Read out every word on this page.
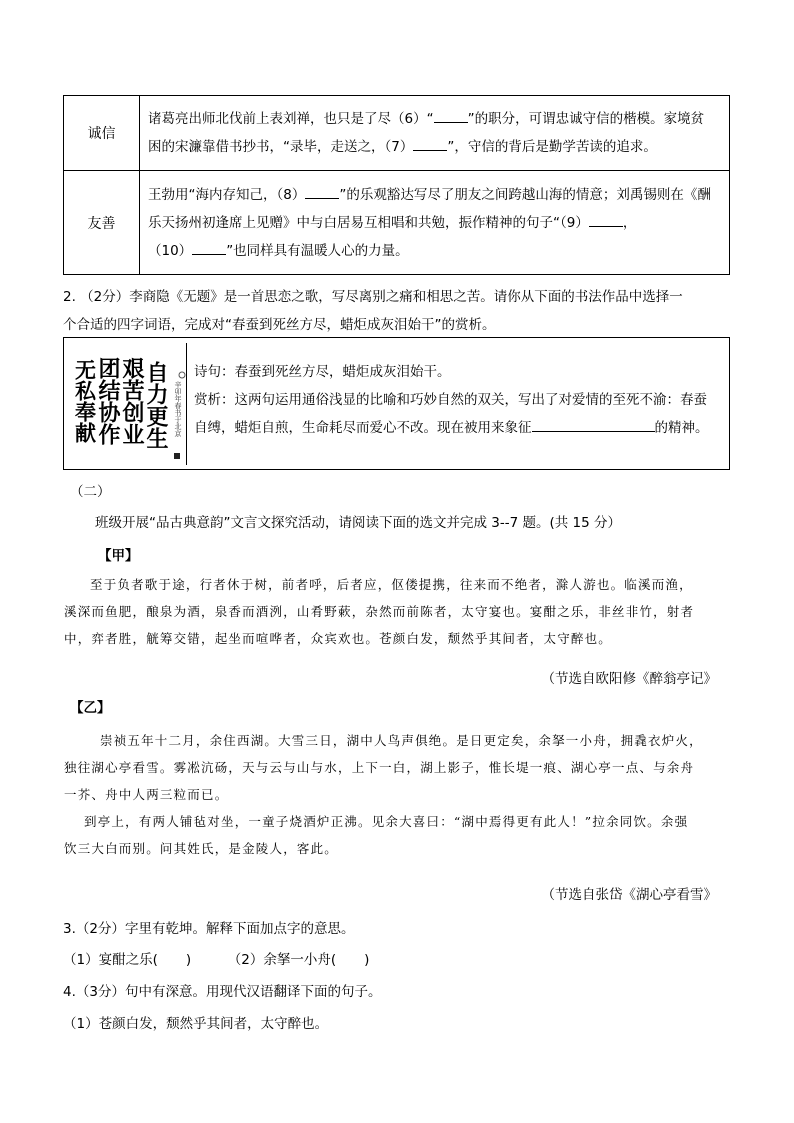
诚信	诸葛亮出师北伐前上表刘禅，也只是了尽（6）“ ”的职分，可谓忠诚守信的楷模。家境贫
困的宋濂靠借书抄书，“录毕，走送之，（7） ”，守信的背后是勤学苦读的追求。
友善	王勃用“海内存知己，（8） ”的乐观豁达写尽了朋友之间跨越山海的情意；刘禹锡则在《酬
乐天扬州初逢席上见赠》中与白居易互相唱和共勉，振作精神的句子“（9） ，
（10） ”也同样具有温暖人心的力量。
2. （2分）李商隐《无题》是一首思恋之歌，写尽离别之痛和相思之苦。请你从下面的书法作品中选择一
个合适的四字词语，完成对“春蚕到死丝方尽，蜡炬成灰泪始干”的赏析。
自力更生
艰苦创业
团结协作
无私奉献	辛卯年春书于北京
诗句：春蚕到死丝方尽，蜡炬成灰泪始干。
赏析：这两句运用通俗浅显的比喻和巧妙自然的双关，写出了对爱情的至死不渝：春蚕
自缚，蜡炬自煎，生命耗尽而爱心不改。现在被用来象征	的精神。
（二）
班级开展“品古典意韵”文言文探究活动，请阅读下面的选文并完成 3--7 题。(共 15 分）
【甲】
至于负者歌于途，行者休于树，前者呼，后者应，伛偻提携，往来而不绝者，滁人游也。临溪而渔，
溪深而鱼肥，酿泉为酒，泉香而酒洌，山肴野蔌，杂然而前陈者，太守宴也。宴酣之乐，非丝非竹，射者
中，弈者胜，觥筹交错，起坐而喧哗者，众宾欢也。苍颜白发，颓然乎其间者，太守醉也。
（节选自欧阳修《醉翁亭记》
【乙】
崇祯五年十二月，余住西湖。大雪三日，湖中人鸟声俱绝。是日更定矣，余拏一小舟，拥毳衣炉火，
独往湖心亭看雪。雾凇沆砀，天与云与山与水，上下一白，湖上影子，惟长堤一痕、湖心亭一点、与余舟
一芥、舟中人两三粒而已。
到亭上，有两人铺毡对坐，一童子烧酒炉正沸。见余大喜曰：“湖中焉得更有此人！”拉余同饮。余强
饮三大白而别。问其姓氏，是金陵人，客此。
（节选自张岱《湖心亭看雪》
3.（2分）字里有乾坤。解释下面加点字的意思。
（1）宴酣之乐( )	（2）余拏一小舟( )
4.（3分）句中有深意。用现代汉语翻译下面的句子。
（1）苍颜白发，颓然乎其间者，太守醉也。
